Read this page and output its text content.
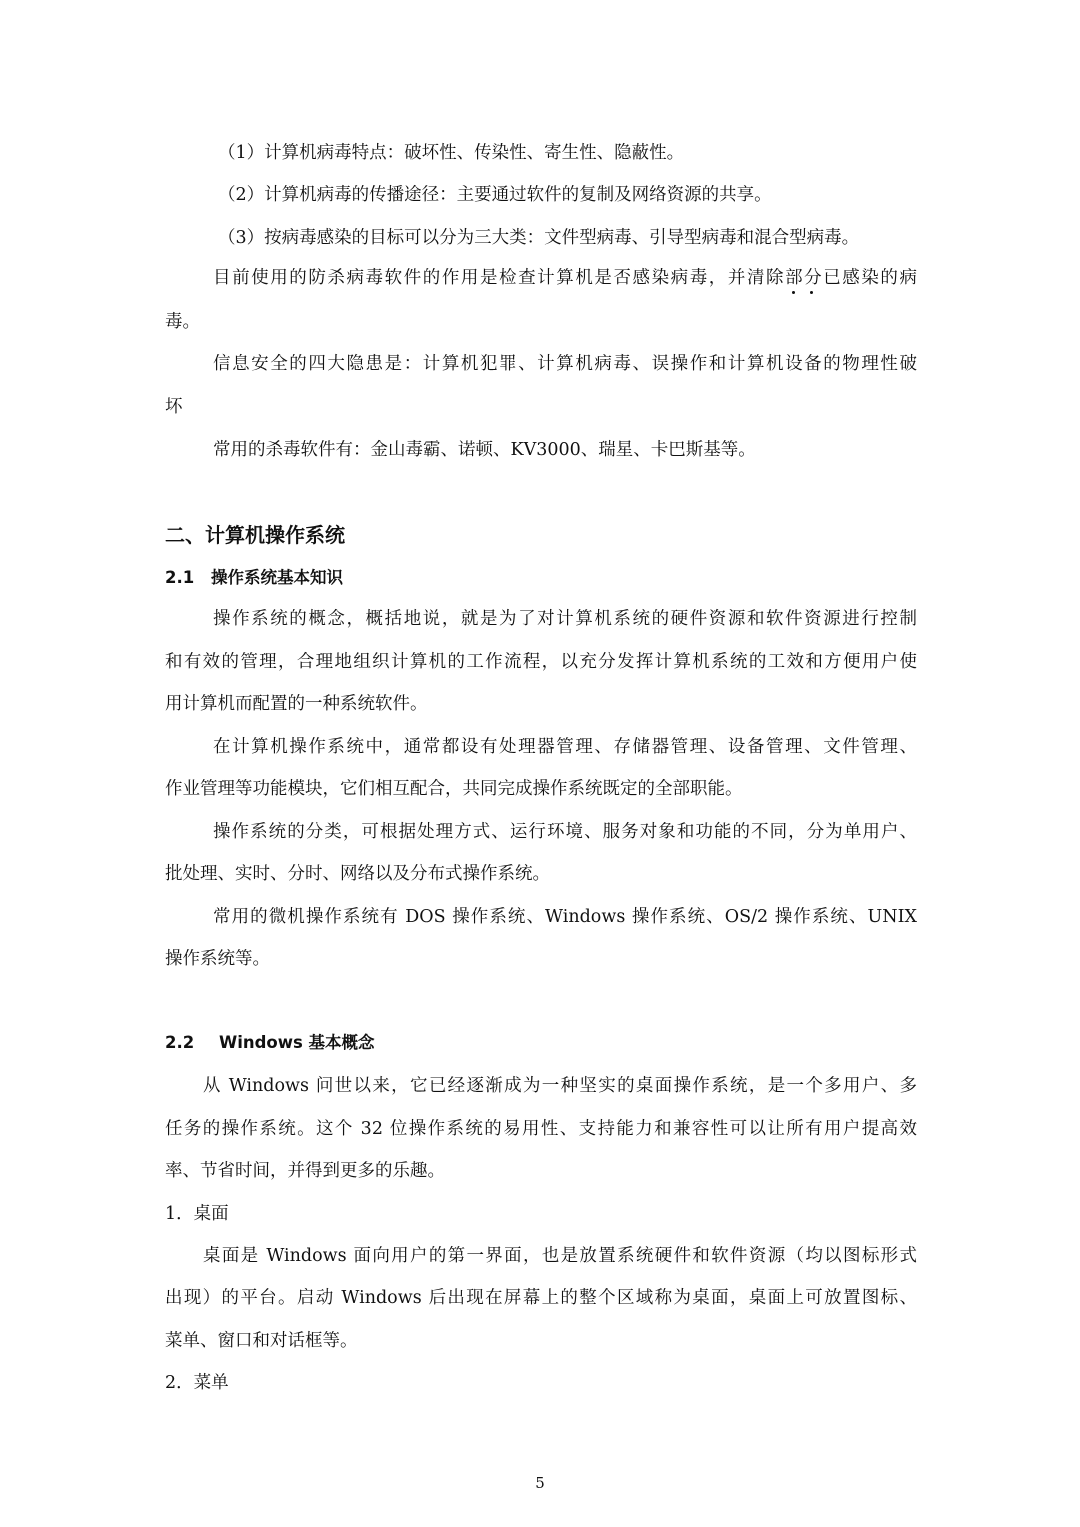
（1）计算机病毒特点：破坏性、传染性、寄生性、隐蔽性。
（2）计算机病毒的传播途径：主要通过软件的复制及网络资源的共享。
（3）按病毒感染的目标可以分为三大类：文件型病毒、引导型病毒和混合型病毒。
目前使用的防杀病毒软件的作用是检查计算机是否感染病毒，并清除部分已感染的病
毒。
信息安全的四大隐患是：计算机犯罪、计算机病毒、误操作和计算机设备的物理性破
坏
常用的杀毒软件有：金山毒霸、诺顿、KV3000、瑞星、卡巴斯基等。
二、计算机操作系统
2.1 操作系统基本知识
操作系统的概念，概括地说，就是为了对计算机系统的硬件资源和软件资源进行控制
和有效的管理，合理地组织计算机的工作流程，以充分发挥计算机系统的工效和方便用户使
用计算机而配置的一种系统软件。
在计算机操作系统中，通常都设有处理器管理、存储器管理、设备管理、文件管理、
作业管理等功能模块，它们相互配合，共同完成操作系统既定的全部职能。
操作系统的分类，可根据处理方式、运行环境、服务对象和功能的不同，分为单用户、
批处理、实时、分时、网络以及分布式操作系统。
常用的微机操作系统有 DOS 操作系统、Windows 操作系统、OS/2 操作系统、UNIX
操作系统等。
2.2 Windows 基本概念
从 Windows 问世以来，它已经逐渐成为一种坚实的桌面操作系统，是一个多用户、多
任务的操作系统。这个 32 位操作系统的易用性、支持能力和兼容性可以让所有用户提高效
率、节省时间，并得到更多的乐趣。
1．桌面
桌面是 Windows 面向用户的第一界面，也是放置系统硬件和软件资源（均以图标形式
出现）的平台。启动 Windows 后出现在屏幕上的整个区域称为桌面，桌面上可放置图标、
菜单、窗口和对话框等。
2．菜单
5
